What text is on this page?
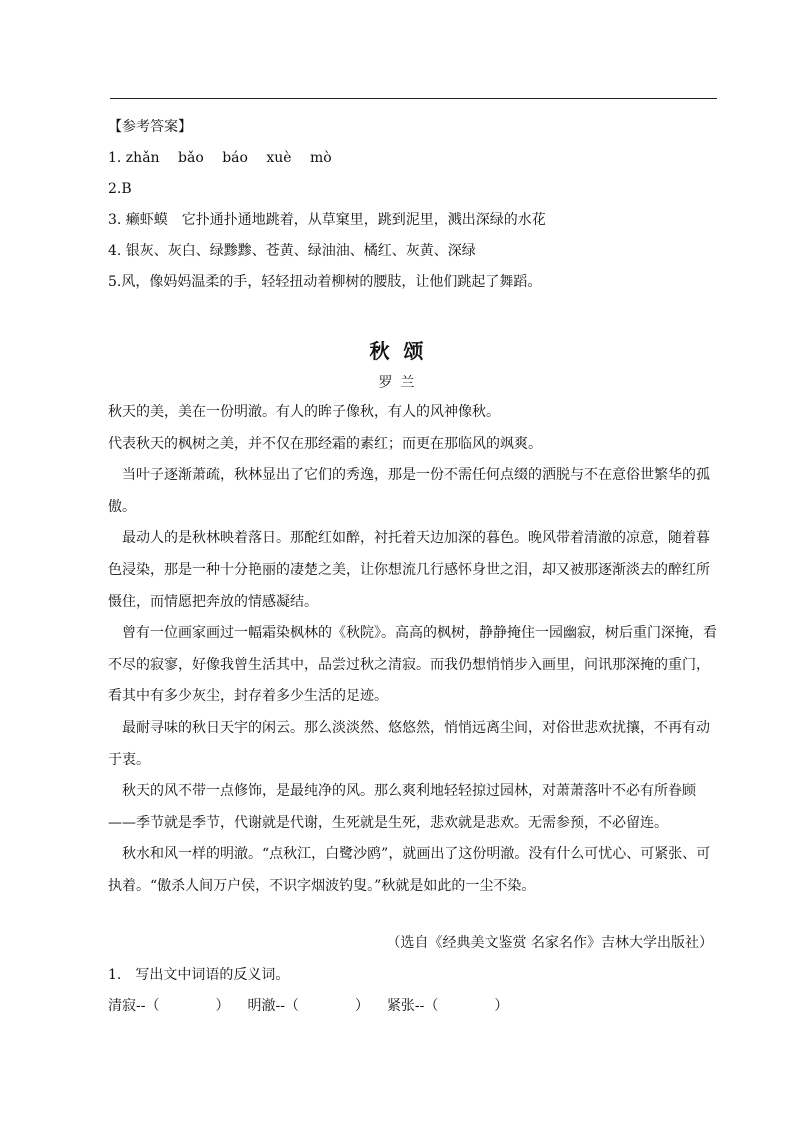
【参考答案】
1. zhǎn　 bǎo　 báo　 xuè　 mò
2.B
3. 癞虾蟆　它扑通扑通地跳着，从草窠里，跳到泥里，溅出深绿的水花
4. 银灰、灰白、绿黪黪、苍黄、绿油油、橘红、灰黄、深绿
5.风，像妈妈温柔的手，轻轻扭动着柳树的腰肢，让他们跳起了舞蹈。
秋颂
罗兰

秋天的美，美在一份明澈。有人的眸子像秋，有人的风神像秋。

代表秋天的枫树之美，并不仅在那经霜的素红；而更在那临风的飒爽。

　当叶子逐渐萧疏，秋林显出了它们的秀逸，那是一份不需任何点缀的洒脱与不在意俗世繁华的孤傲。

　最动人的是秋林映着落日。那酡红如醉，衬托着天边加深的暮色。晚风带着清澈的凉意，随着暮色浸染，那是一种十分艳丽的凄楚之美，让你想流几行感怀身世之泪，却又被那逐渐淡去的醉红所慑住，而情愿把奔放的情感凝结。

　曾有一位画家画过一幅霜染枫林的《秋院》。高高的枫树，静静掩住一园幽寂，树后重门深掩，看不尽的寂寥，好像我曾生活其中，品尝过秋之清寂。而我仍想悄悄步入画里，问讯那深掩的重门，看其中有多少灰尘，封存着多少生活的足迹。

　最耐寻味的秋日天宇的闲云。那么淡淡然、悠悠然，悄悄远离尘间，对俗世悲欢扰攘，不再有动于衷。

　秋天的风不带一点修饰，是最纯净的风。那么爽利地轻轻掠过园林，对萧萧落叶不必有所眷顾——季节就是季节，代谢就是代谢，生死就是生死，悲欢就是悲欢。无需参预，不必留连。

　秋水和风一样的明澈。“点秋江，白鹭沙鸥”，就画出了这份明澈。没有什么可忧心、可紧张、可执着。“傲杀人间万户侯，不识字烟波钓叟。”秋就是如此的一尘不染。

（选自《经典美文鉴赏 名家名作》吉林大学出版社）
1.　写出文中词语的反义词。
清寂--（	） 明澈--（	） 紧张--（	）
